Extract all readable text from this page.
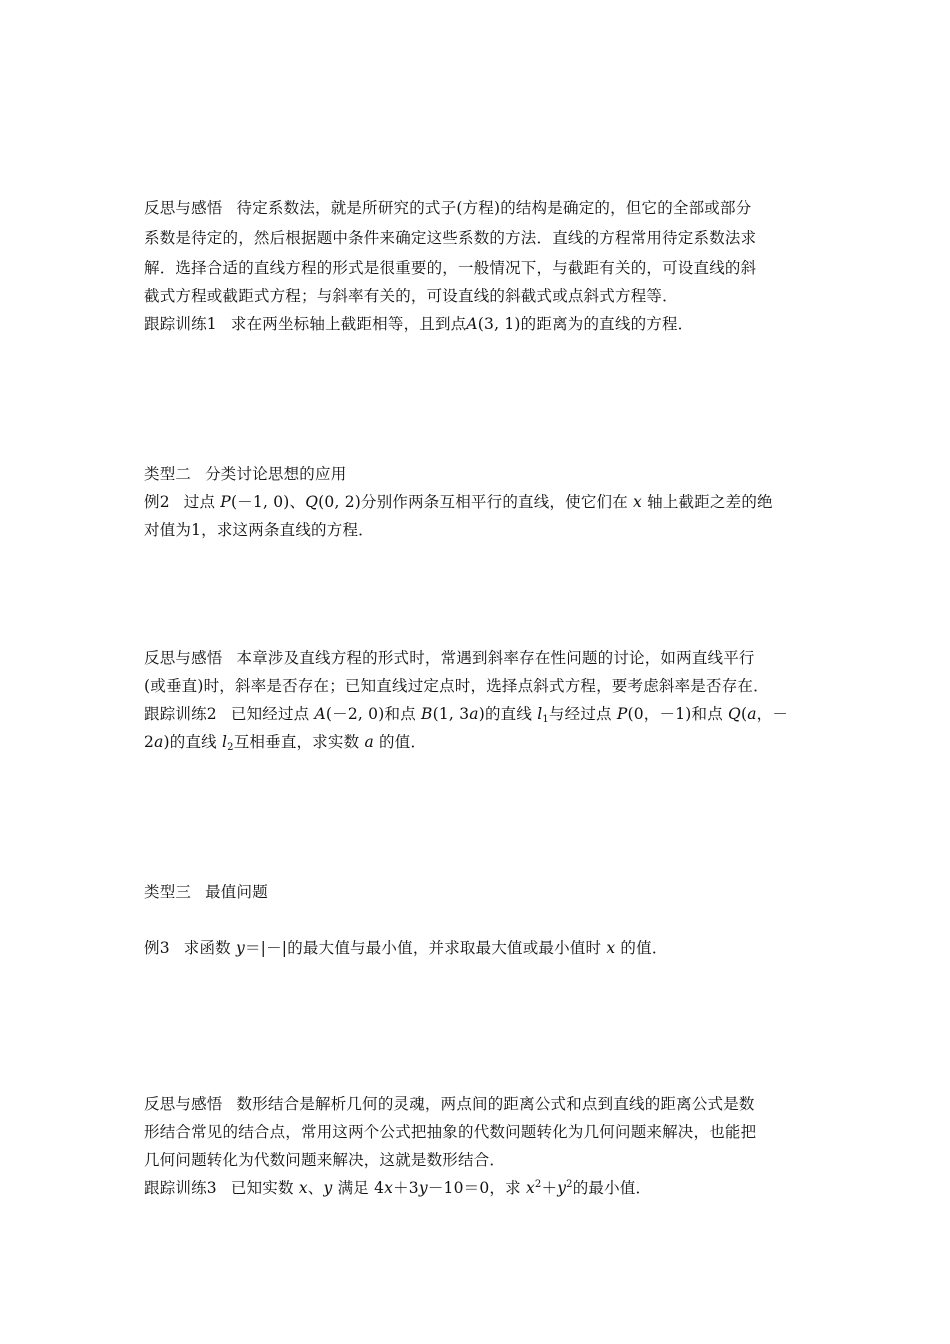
反思与感悟 待定系数法，就是所研究的式子(方程)的结构是确定的，但它的全部或部分
系数是待定的，然后根据题中条件来确定这些系数的方法．直线的方程常用待定系数法求
解．选择合适的直线方程的形式是很重要的，一般情况下，与截距有关的，可设直线的斜
截式方程或截距式方程；与斜率有关的，可设直线的斜截式或点斜式方程等．
跟踪训练1 求在两坐标轴上截距相等，且到点A(3, 1)的距离为的直线的方程．
类型二 分类讨论思想的应用
例2 过点 P(－1, 0)、Q(0, 2)分别作两条互相平行的直线，使它们在 x 轴上截距之差的绝
对值为1，求这两条直线的方程．
反思与感悟 本章涉及直线方程的形式时，常遇到斜率存在性问题的讨论，如两直线平行
(或垂直)时，斜率是否存在；已知直线过定点时，选择点斜式方程，要考虑斜率是否存在．
跟踪训练2 已知经过点 A(－2, 0)和点 B(1, 3a)的直线 $l_1$与经过点 P(0，－1)和点 Q(a，－
2a)的直线 $l_2$互相垂直，求实数 a 的值．
类型三 最值问题
例3 求函数 y＝|－|的最大值与最小值，并求取最大值或最小值时 x 的值．
反思与感悟 数形结合是解析几何的灵魂，两点间的距离公式和点到直线的距离公式是数
形结合常见的结合点，常用这两个公式把抽象的代数问题转化为几何问题来解决，也能把
几何问题转化为代数问题来解决，这就是数形结合．
跟踪训练3 已知实数 x、y 满足 4x＋3y－10＝0，求 $x^2+y^2$的最小值．
